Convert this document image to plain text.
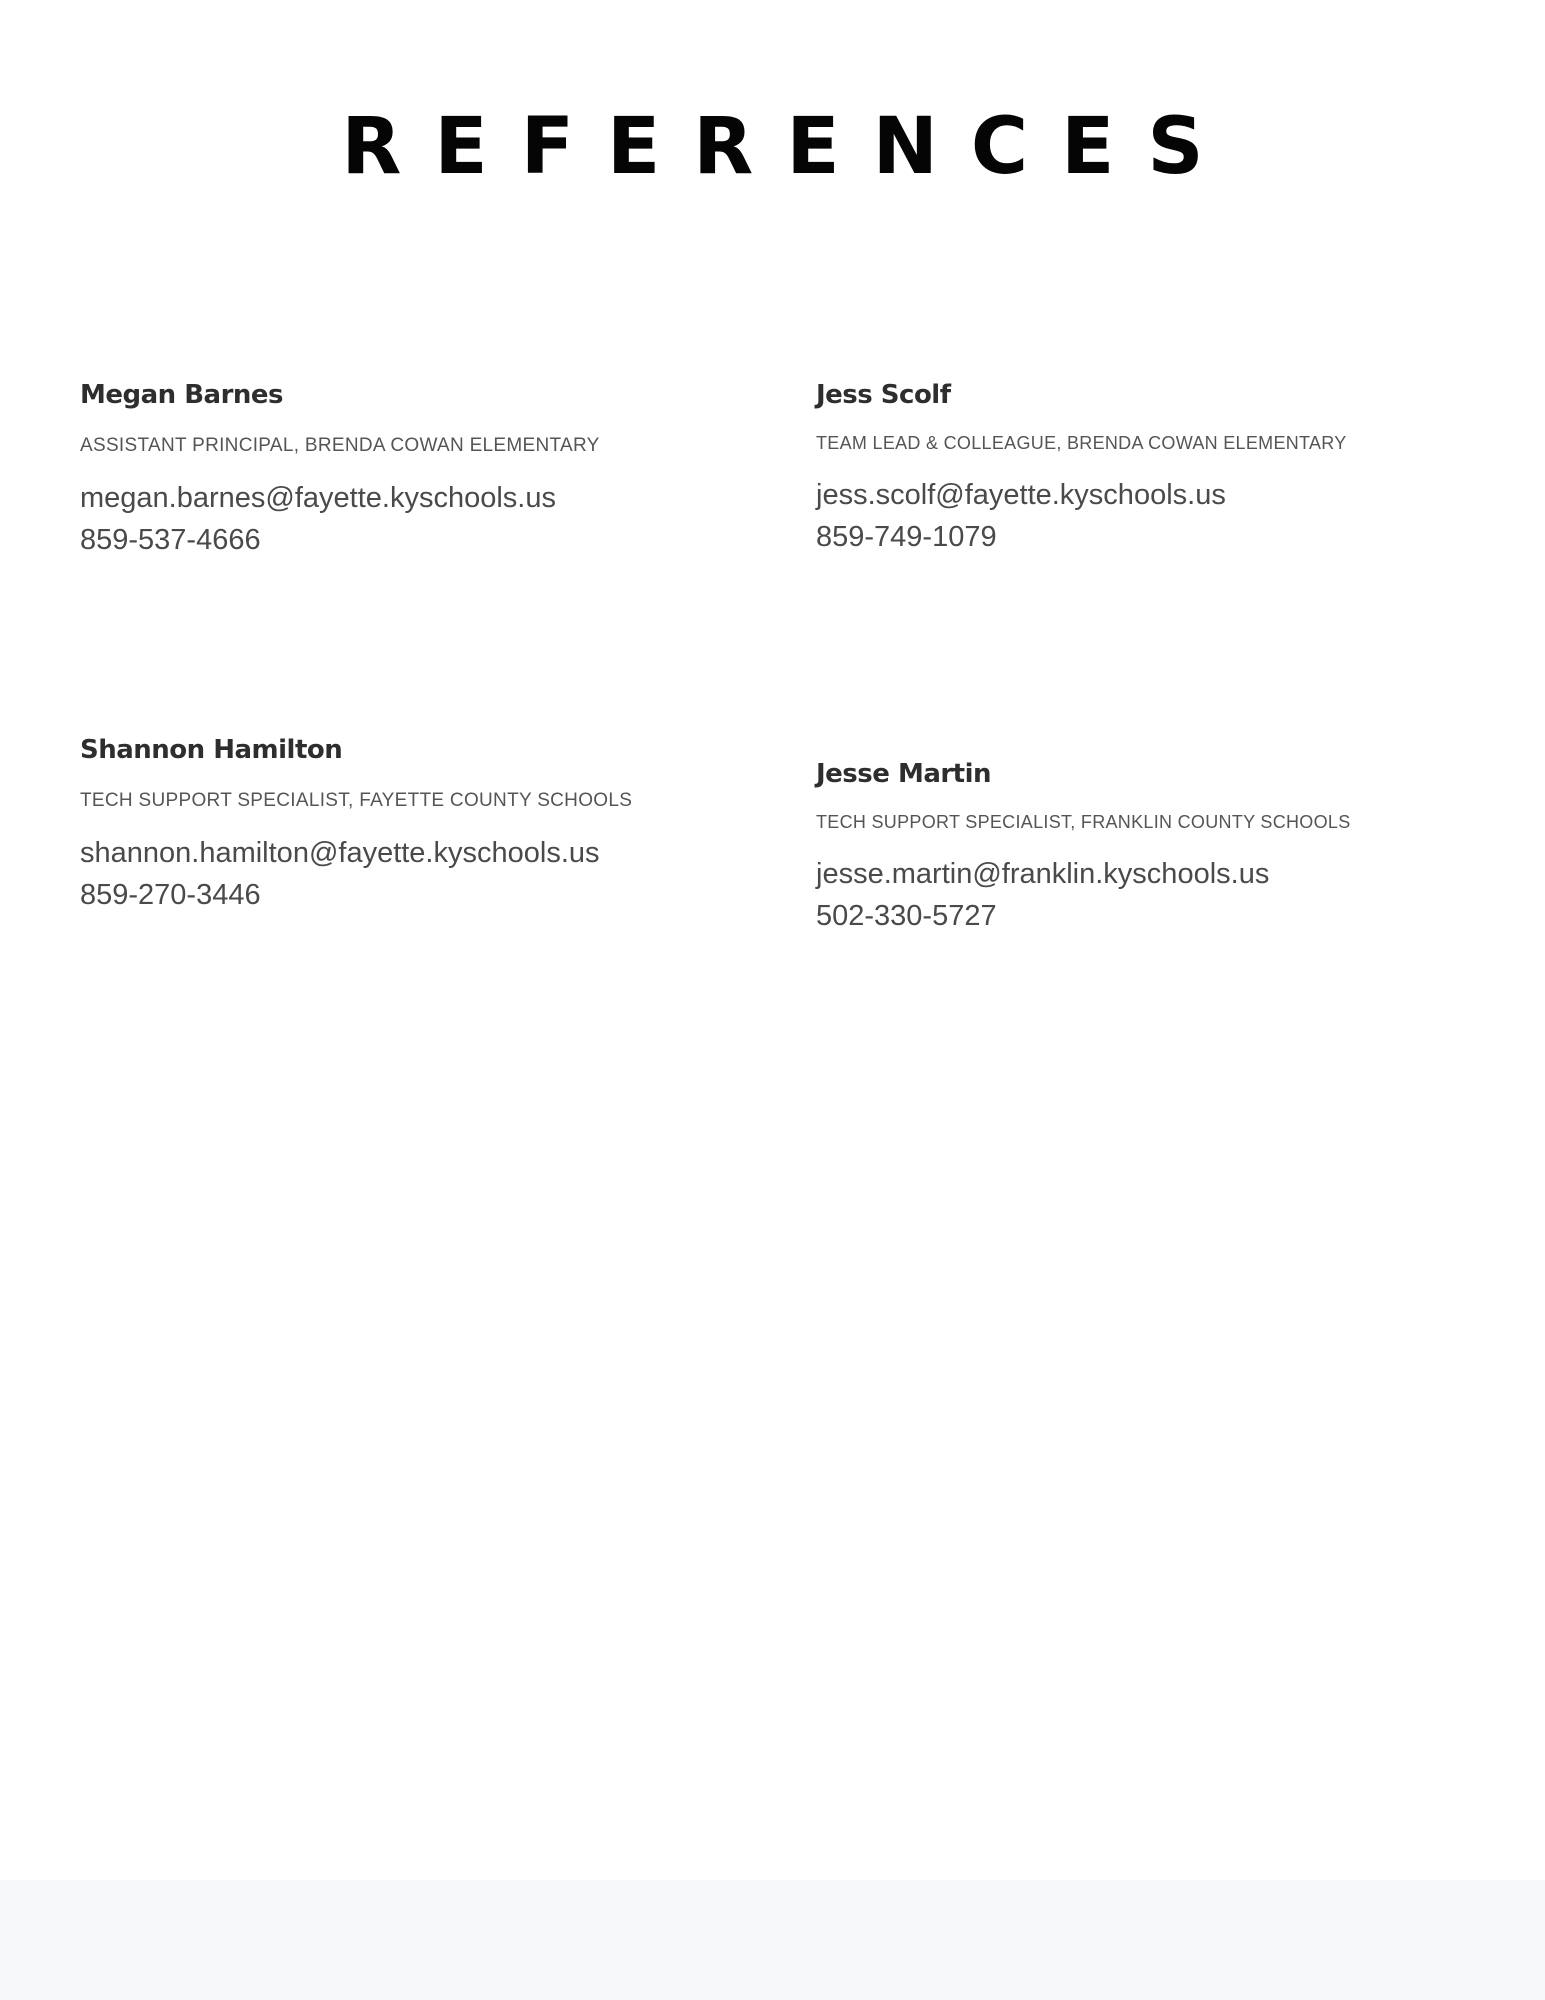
REFERENCES

Megan Barnes

ASSISTANT PRINCIPAL, BRENDA COWAN ELEMENTARY

megan.barnes@fayette.kyschools.us
859-537-4666

Jess Scolf

TEAM LEAD & COLLEAGUE, BRENDA COWAN ELEMENTARY

jess.scolf@fayette.kyschools.us
859-749-1079

Shannon Hamilton

TECH SUPPORT SPECIALIST, FAYETTE COUNTY SCHOOLS

shannon.hamilton@fayette.kyschools.us
859-270-3446

Jesse Martin

TECH SUPPORT SPECIALIST, FRANKLIN COUNTY SCHOOLS

jesse.martin@franklin.kyschools.us
502-330-5727
